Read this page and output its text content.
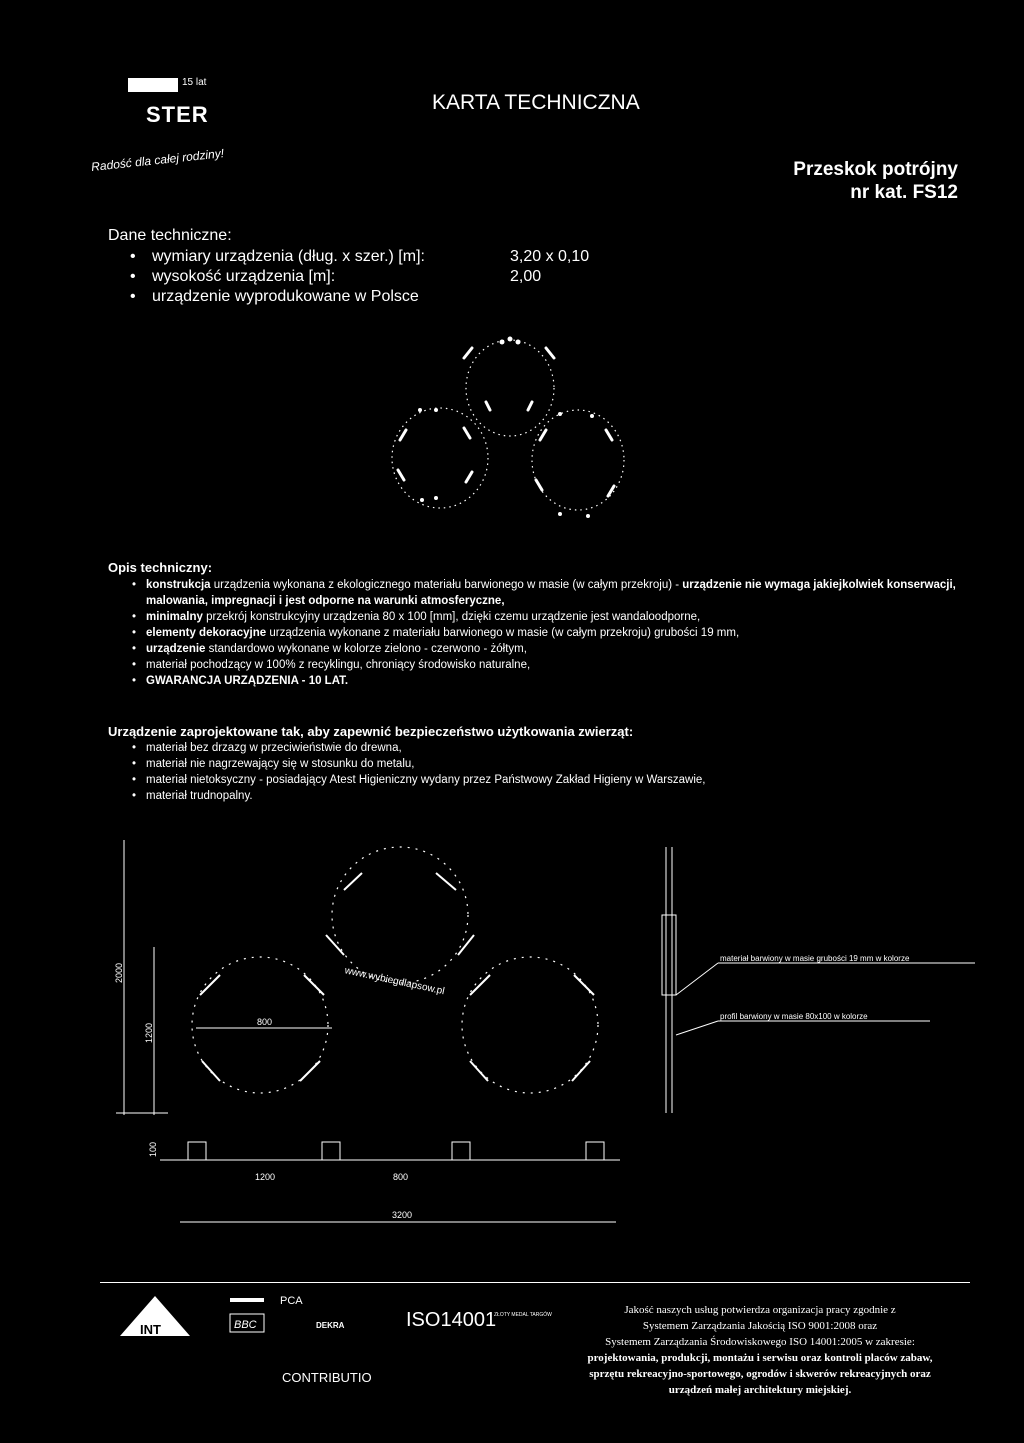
15 lat
STER	KARTA TECHNICZNA
Radość dla całej rodziny!	Przeskok potrójny
nr kat. FS12
Dane techniczne:
• wymiary urządzenia (dług. x szer.) [m]:	3,20 x 0,10
• wysokość urządzenia [m]:	2,00
• urządzenie wyprodukowane w Polsce
Opis techniczny:
• konstrukcja urządzenia wykonana z ekologicznego materiału barwionego w masie (w całym przekroju) - urządzenie nie wymaga jakiejkolwiek konserwacji, malowania, impregnacji i jest odporne na warunki atmosferyczne,
• minimalny przekrój konstrukcyjny urządzenia 80 x 100 [mm], dzięki czemu urządzenie jest wandaloodporne,
• elementy dekoracyjne urządzenia wykonane z materiału barwionego w masie (w całym przekroju) grubości 19 mm,
• urządzenie standardowo wykonane w kolorze zielono - czerwono - żółtym,
• materiał pochodzący w 100% z recyklingu, chroniący środowisko naturalne,
• GWARANCJA URZĄDZENIA - 10 LAT.
Urządzenie zaprojektowane tak, aby zapewnić bezpieczeństwo użytkowania zwierząt:
• materiał bez drzazg w przeciwieństwie do drewna,
• materiał nie nagrzewający się w stosunku do metalu,
• materiał nietoksyczny - posiadający Atest Higieniczny wydany przez Państwowy Zakład Higieny w Warszawie,
• materiał trudnopalny.
2000
1200
800
100
1200	800
3200
www.wybiegdlapsow.pl
materiał barwiony w masie grubości 19 mm w kolorze
profil barwiony w masie 80x100 w kolorze
INT
PCA
BBC	DEKRA	ISO14001
ZŁOTY MEDAL TARGÓW
CONTRIBUTIO
Jakość naszych usług potwierdza organizacja pracy zgodnie z
Systemem Zarządzania Jakością ISO 9001:2008 oraz
Systemem Zarządzania Środowiskowego ISO 14001:2005 w zakresie:
projektowania, produkcji, montażu i serwisu oraz kontroli placów zabaw,
sprzętu rekreacyjno-sportowego, ogrodów i skwerów rekreacyjnych oraz
urządzeń małej architektury miejskiej.
